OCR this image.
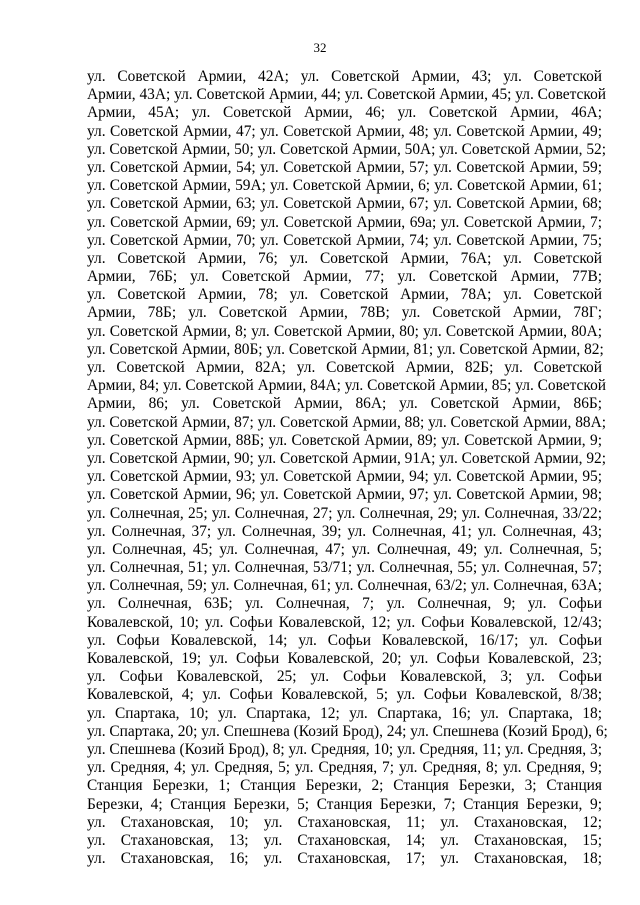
32
ул. Советской Армии, 42А; ул. Советской Армии, 43; ул. Советской
Армии, 43А; ул. Советской Армии, 44; ул. Советской Армии, 45; ул. Советской
Армии, 45А; ул. Советской Армии, 46; ул. Советской Армии, 46А;
ул. Советской Армии, 47; ул. Советской Армии, 48; ул. Советской Армии, 49;
ул. Советской Армии, 50; ул. Советской Армии, 50А; ул. Советской Армии, 52;
ул. Советской Армии, 54; ул. Советской Армии, 57; ул. Советской Армии, 59;
ул. Советской Армии, 59А; ул. Советской Армии, 6; ул. Советской Армии, 61;
ул. Советской Армии, 63; ул. Советской Армии, 67; ул. Советской Армии, 68;
ул. Советской Армии, 69; ул. Советской Армии, 69а; ул. Советской Армии, 7;
ул. Советской Армии, 70; ул. Советской Армии, 74; ул. Советской Армии, 75;
ул. Советской Армии, 76; ул. Советской Армии, 76А; ул. Советской
Армии, 76Б; ул. Советской Армии, 77; ул. Советской Армии, 77В;
ул. Советской Армии, 78; ул. Советской Армии, 78А; ул. Советской
Армии, 78Б; ул. Советской Армии, 78В; ул. Советской Армии, 78Г;
ул. Советской Армии, 8; ул. Советской Армии, 80; ул. Советской Армии, 80А;
ул. Советской Армии, 80Б; ул. Советской Армии, 81; ул. Советской Армии, 82;
ул. Советской Армии, 82А; ул. Советской Армии, 82Б; ул. Советской
Армии, 84; ул. Советской Армии, 84А; ул. Советской Армии, 85; ул. Советской
Армии, 86; ул. Советской Армии, 86А; ул. Советской Армии, 86Б;
ул. Советской Армии, 87; ул. Советской Армии, 88; ул. Советской Армии, 88А;
ул. Советской Армии, 88Б; ул. Советской Армии, 89; ул. Советской Армии, 9;
ул. Советской Армии, 90; ул. Советской Армии, 91А; ул. Советской Армии, 92;
ул. Советской Армии, 93; ул. Советской Армии, 94; ул. Советской Армии, 95;
ул. Советской Армии, 96; ул. Советской Армии, 97; ул. Советской Армии, 98;
ул. Солнечная, 25; ул. Солнечная, 27; ул. Солнечная, 29; ул. Солнечная, 33/22;
ул. Солнечная, 37; ул. Солнечная, 39; ул. Солнечная, 41; ул. Солнечная, 43;
ул. Солнечная, 45; ул. Солнечная, 47; ул. Солнечная, 49; ул. Солнечная, 5;
ул. Солнечная, 51; ул. Солнечная, 53/71; ул. Солнечная, 55; ул. Солнечная, 57;
ул. Солнечная, 59; ул. Солнечная, 61; ул. Солнечная, 63/2; ул. Солнечная, 63А;
ул. Солнечная, 63Б; ул. Солнечная, 7; ул. Солнечная, 9; ул. Софьи
Ковалевской, 10; ул. Софьи Ковалевской, 12; ул. Софьи Ковалевской, 12/43;
ул. Софьи Ковалевской, 14; ул. Софьи Ковалевской, 16/17; ул. Софьи
Ковалевской, 19; ул. Софьи Ковалевской, 20; ул. Софьи Ковалевской, 23;
ул. Софьи Ковалевской, 25; ул. Софьи Ковалевской, 3; ул. Софьи
Ковалевской, 4; ул. Софьи Ковалевской, 5; ул. Софьи Ковалевской, 8/38;
ул. Спартака, 10; ул. Спартака, 12; ул. Спартака, 16; ул. Спартака, 18;
ул. Спартака, 20; ул. Спешнева (Козий Брод), 24; ул. Спешнева (Козий Брод), 6;
ул. Спешнева (Козий Брод), 8; ул. Средняя, 10; ул. Средняя, 11; ул. Средняя, 3;
ул. Средняя, 4; ул. Средняя, 5; ул. Средняя, 7; ул. Средняя, 8; ул. Средняя, 9;
Станция Березки, 1; Станция Березки, 2; Станция Березки, 3; Станция
Березки, 4; Станция Березки, 5; Станция Березки, 7; Станция Березки, 9;
ул. Стахановская, 10; ул. Стахановская, 11; ул. Стахановская, 12;
ул. Стахановская, 13; ул. Стахановская, 14; ул. Стахановская, 15;
ул. Стахановская, 16; ул. Стахановская, 17; ул. Стахановская, 18;
